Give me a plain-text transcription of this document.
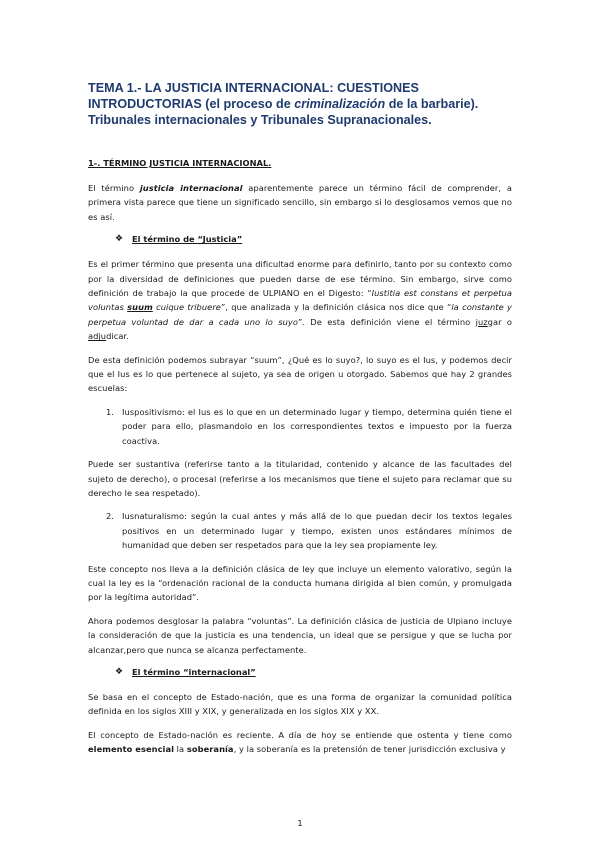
TEMA 1.- LA JUSTICIA INTERNACIONAL: CUESTIONES
INTRODUCTORIAS (el proceso de criminalización de la barbarie).
Tribunales internacionales y Tribunales Supranacionales.
1-. TÉRMINO JUSTICIA INTERNACIONAL.

El término justicia internacional aparentemente parece un término fácil de comprender, a primera vista parece que tiene un significado sencillo, sin embargo si lo desglosamos vemos que no es así.

❖	El término de “Justicia”

Es el primer término que presenta una dificultad enorme para definirlo, tanto por su contexto como por la diversidad de definiciones que pueden darse de ese término. Sin embargo, sirve como definición de trabajo la que procede de ULPIANO en el Digesto: “Iustitia est constans et perpetua voluntas suum cuique tribuere”, que analizada y la definición clásica nos dice que “la constante y perpetua voluntad de dar a cada uno lo suyo”. De esta definición viene el término juzgar o adjudicar.

De esta definición podemos subrayar “suum”, ¿Qué es lo suyo?, lo suyo es el Ius, y podemos decir que el Ius es lo que pertenece al sujeto, ya sea de origen u otorgado. Sabemos que hay 2 grandes escuelas:

1. Iuspositivismo: el Ius es lo que en un determinado lugar y tiempo, determina quién tiene el poder para ello, plasmandolo en los correspondientes textos e impuesto por la fuerza coactiva.

Puede ser sustantiva (referirse tanto a la titularidad, contenido y alcance de las facultades del sujeto de derecho), o procesal (referirse a los mecanismos que tiene el sujeto para reclamar que su derecho le sea respetado).

2. Iusnaturalismo: según la cual antes y más allá de lo que puedan decir los textos legales positivos en un determinado lugar y tiempo, existen unos estándares mínimos de humanidad que deben ser respetados para que la ley sea propiamente ley.

Este concepto nos lleva a la definición clásica de ley que incluye un elemento valorativo, según la cual la ley es la “ordenación racional de la conducta humana dirigida al bien común, y promulgada por la legítima autoridad”.

Ahora podemos desglosar la palabra “voluntas”. La definición clásica de justicia de Ulpiano incluye la consideración de que la justicia es una tendencia, un ideal que se persigue y que se lucha por alcanzar,pero que nunca se alcanza perfectamente.

❖	El término “internacional”

Se basa en el concepto de Estado-nación, que es una forma de organizar la comunidad política definida en los siglos XIII y XIX, y generalizada en los siglos XIX y XX.

El concepto de Estado-nación es reciente. A día de hoy se entiende que ostenta y tiene como elemento esencial la soberanía, y la soberanía es la pretensión de tener jurisdicción exclusiva y

1
